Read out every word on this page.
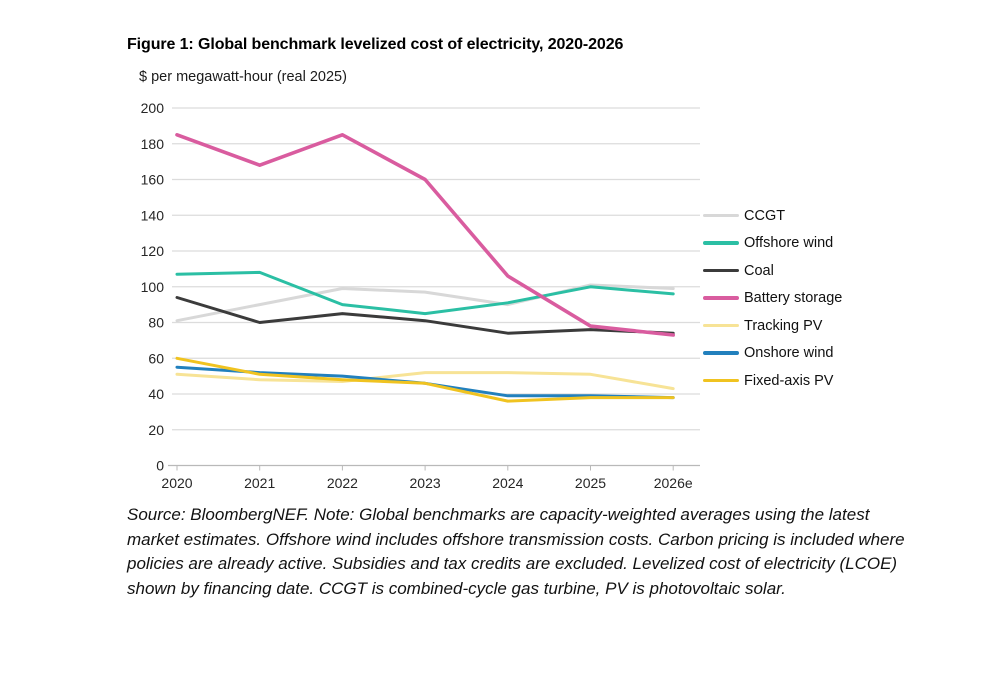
Figure 1: Global benchmark levelized cost of electricity, 2020-2026
$ per megawatt-hour (real 2025)
0
20
40
60
80
100
120
140
160
180
200
2020	2021	2022	2023	2024	2025	2026e
CCGT
Offshore wind
Coal
Battery storage
Tracking PV
Onshore wind
Fixed-axis PV
Source: BloombergNEF. Note: Global benchmarks are capacity-weighted averages using the latest market estimates. Offshore wind includes offshore transmission costs. Carbon pricing is included where policies are already active. Subsidies and tax credits are excluded. Levelized cost of electricity (LCOE) shown by financing date. CCGT is combined-cycle gas turbine, PV is photovoltaic solar.
